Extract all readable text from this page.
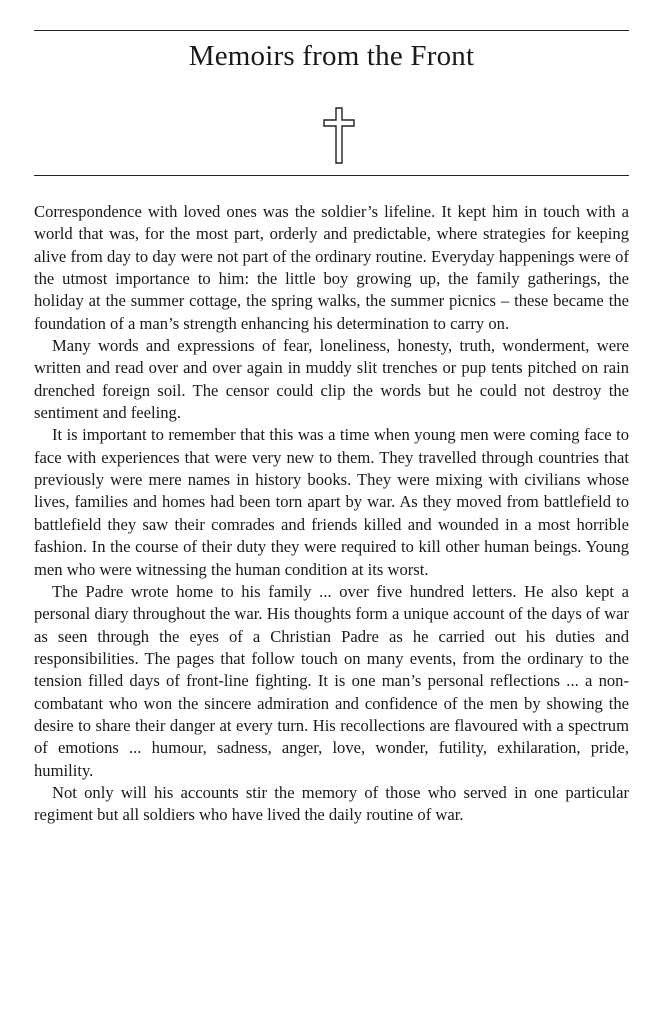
Memoirs from the Front

Correspondence with loved ones was the soldier’s lifeline. It kept him in touch with a world that was, for the most part, orderly and predictable, where strategies for keeping alive from day to day were not part of the ordinary routine. Everyday happenings were of the utmost importance to him: the little boy growing up, the family gatherings, the holiday at the summer cottage, the spring walks, the summer picnics – these became the foundation of a man’s strength enhancing his determination to carry on.

Many words and expressions of fear, loneliness, honesty, truth, wonderment, were written and read over and over again in muddy slit trenches or pup tents pitched on rain drenched foreign soil. The censor could clip the words but he could not destroy the sentiment and feeling.

It is important to remember that this was a time when young men were coming face to face with experiences that were very new to them. They travelled through countries that previously were mere names in history books. They were mixing with civilians whose lives, families and homes had been torn apart by war. As they moved from battlefield to battlefield they saw their comrades and friends killed and wounded in a most horrible fashion. In the course of their duty they were required to kill other human beings. Young men who were witnessing the human condition at its worst.

The Padre wrote home to his family ... over five hundred letters. He also kept a personal diary throughout the war. His thoughts form a unique account of the days of war as seen through the eyes of a Christian Padre as he carried out his duties and responsibilities. The pages that follow touch on many events, from the ordinary to the tension filled days of front-line fighting. It is one man’s personal reflections ... a non-combatant who won the sincere admiration and confidence of the men by showing the desire to share their danger at every turn. His recollections are flavoured with a spectrum of emotions ... humour, sadness, anger, love, wonder, futility, exhilaration, pride, humility.

Not only will his accounts stir the memory of those who served in one particular regiment but all soldiers who have lived the daily routine of war.
